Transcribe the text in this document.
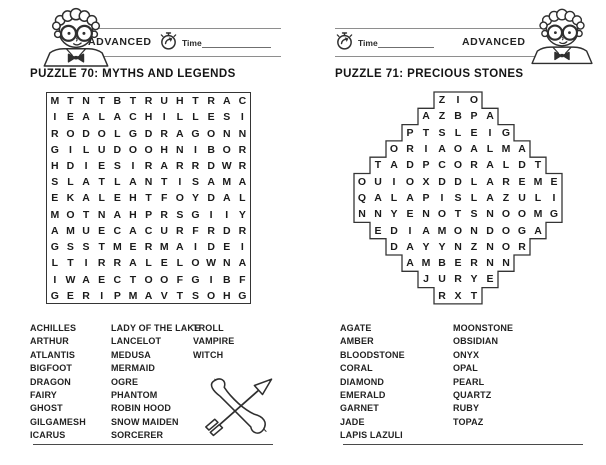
ADVANCED	Time
PUZZLE 70: MYTHS AND LEGENDS
M T N T B T R U H T R A C
I	E A L A C H I	L L E S	I
R O D O L G D R A G O N N
G I	L U D O O H N I B O R
H D I	E S	I R A R R D W R
S L A T L A N T	I	S A M A
E K A L E H T F O Y D A L
M O T N A H P R S G I	I	Y
A M U E C A C U R F R D R
G S S T M E R M A I D E	I
L T	I R R A L E L O W N A
I W A E C T O O F G I B F
G E R I	P M A V T S O H G
ACHILLES
ARTHUR
ATLANTIS
BIGFOOT
DRAGON
FAIRY
GHOST
GILGAMESH
ICARUS
LADY OF THE LAKE
LANCELOT
MEDUSA
MERMAID
OGRE
PHANTOM
ROBIN HOOD
SNOW MAIDEN
SORCERER
TROLL
VAMPIRE
WITCH
Time	ADVANCED
PUZZLE 71: PRECIOUS STONES
Z	I O
A Z B P A
P T S L E	I G
O R	I	A O A L M A
T A D P C O R A L D T
O U	I O X D D L A R E M E
Q A L A P	I	S L A Z U L	I
N N Y E N O T S N O O M G
E D	I	A M O N D O G A
D A Y Y N Z N O R
A M B E R N N
J U R Y E
R X T
AGATE
AMBER
BLOODSTONE
CORAL
DIAMOND
EMERALD
GARNET
JADE
LAPIS LAZULI
MOONSTONE
OBSIDIAN
ONYX
OPAL
PEARL
QUARTZ
RUBY
TOPAZ
